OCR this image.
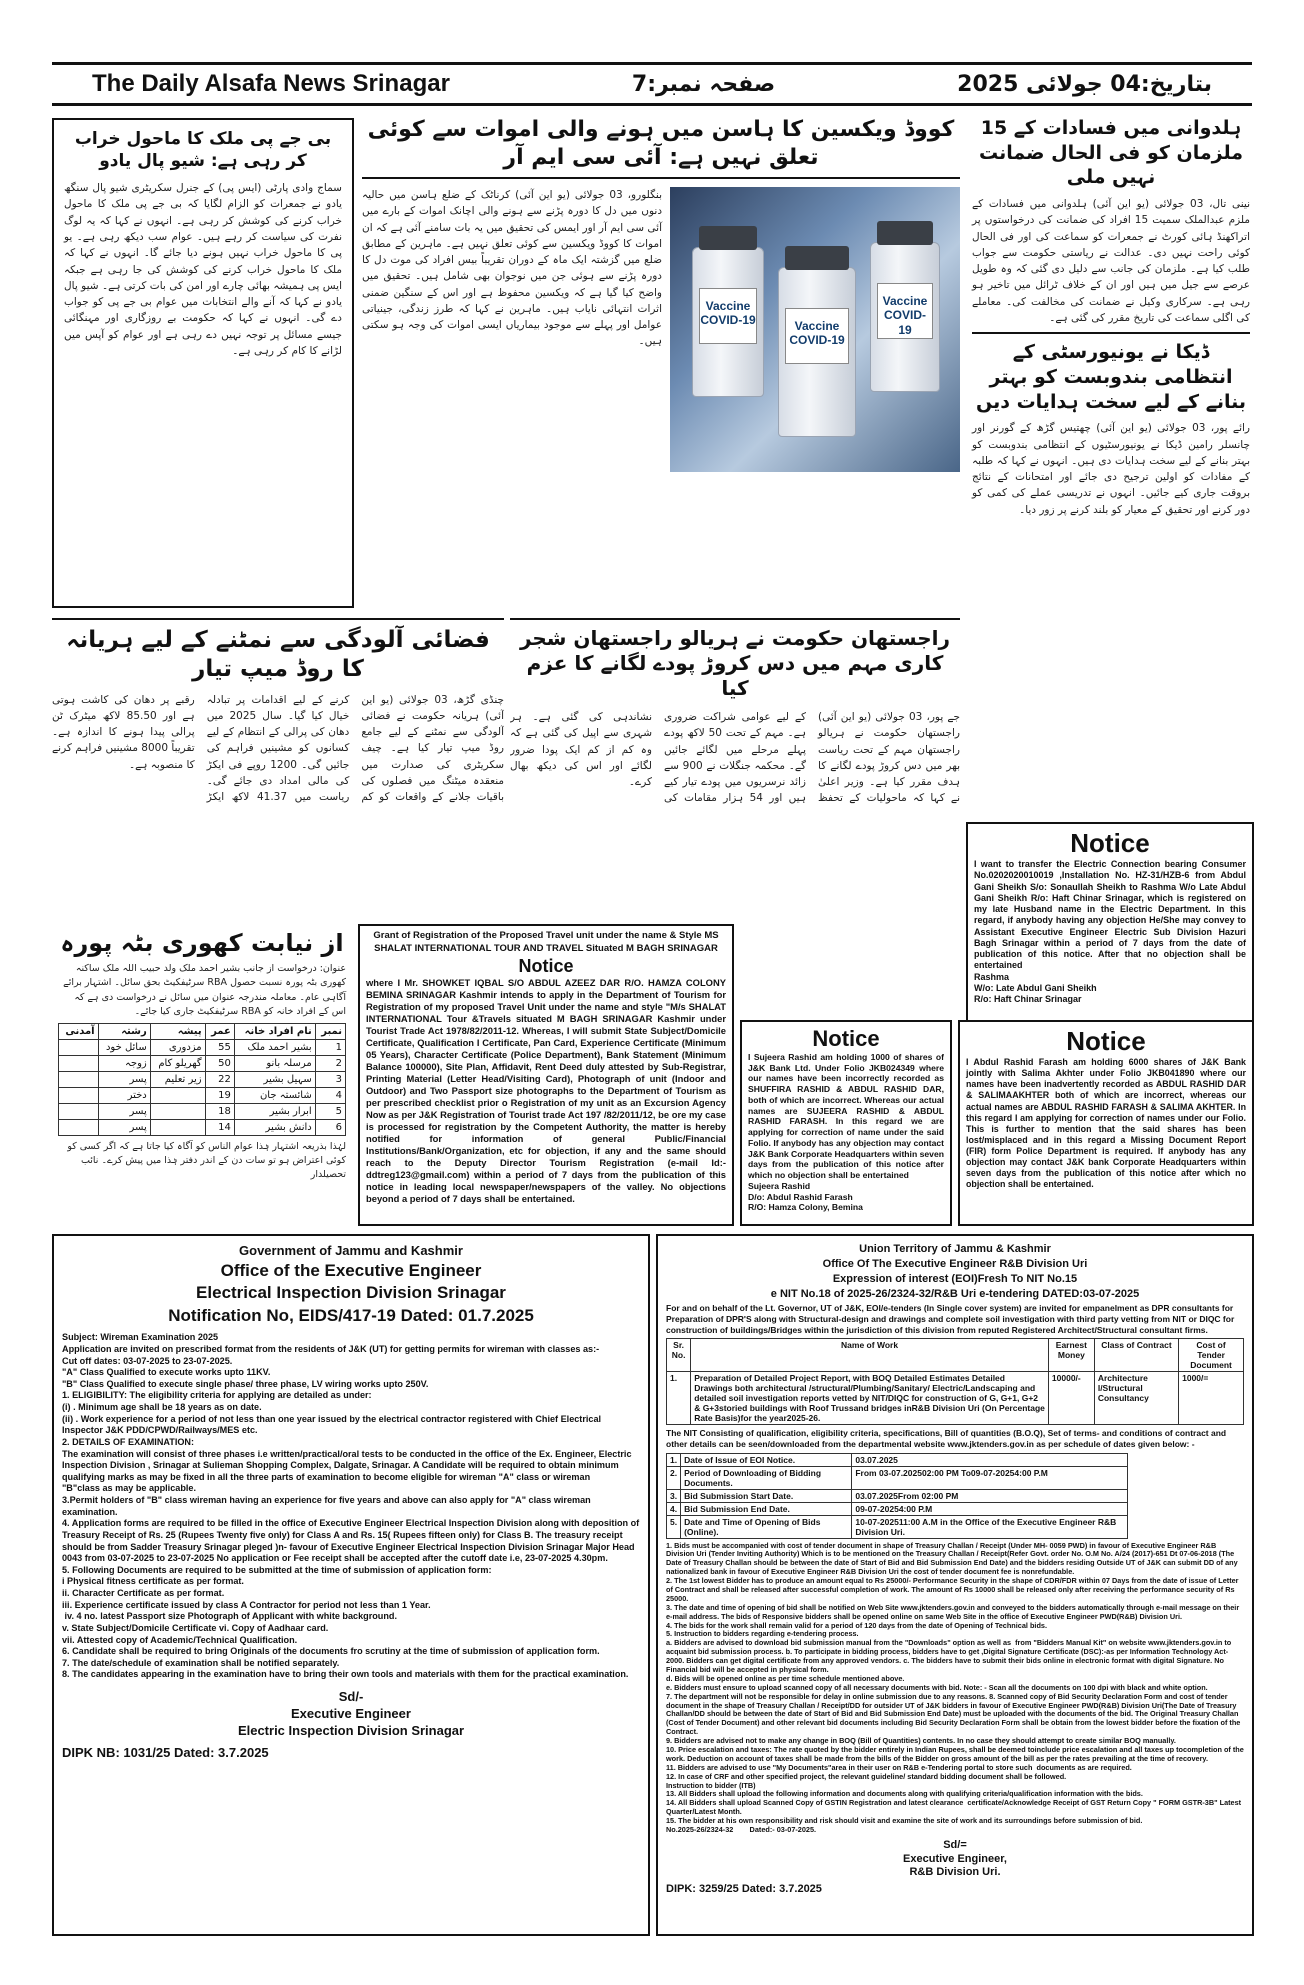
The Daily Alsafa News Srinagar	صفحہ نمبر:7	بتاریخ:04 جولائی 2025
بی جے پی ملک کا ماحول خراب کر رہی ہے: شیو پال یادو
سماج وادی پارٹی (ایس پی) کے جنرل سکریٹری شیو پال سنگھ یادو نے جمعرات کو الزام لگایا کہ بی جے پی ملک کا ماحول خراب کرنے کی کوشش کر رہی ہے۔ انہوں نے کہا کہ یہ لوگ نفرت کی سیاست کر رہے ہیں۔ عوام سب دیکھ رہی ہے۔ یو پی کا ماحول خراب نہیں ہونے دیا جائے گا۔ انہوں نے کہا کہ ملک کا ماحول خراب کرنے کی کوشش کی جا رہی ہے جبکہ ایس پی ہمیشہ بھائی چارے اور امن کی بات کرتی ہے۔ شیو پال یادو نے کہا کہ آنے والے انتخابات میں عوام بی جے پی کو جواب دے گی۔ انہوں نے کہا کہ حکومت بے روزگاری اور مہنگائی جیسے مسائل پر توجہ نہیں دے رہی ہے اور عوام کو آپس میں لڑانے کا کام کر رہی ہے۔
کووڈ ویکسین کا ہاسن میں ہونے والی اموات سے کوئی تعلق نہیں ہے: آئی سی ایم آر
بنگلورو، 03 جولائی (یو این آئی) کرناٹک کے ضلع ہاسن میں حالیہ دنوں میں دل کا دورہ پڑنے سے ہونے والی اچانک اموات کے بارے میں آئی سی ایم آر اور ایمس کی تحقیق میں یہ بات سامنے آئی ہے کہ ان اموات کا کووڈ ویکسین سے کوئی تعلق نہیں ہے۔ ماہرین کے مطابق ضلع میں گزشتہ ایک ماہ کے دوران تقریباً بیس افراد کی موت دل کا دورہ پڑنے سے ہوئی جن میں نوجوان بھی شامل ہیں۔ تحقیق میں واضح کیا گیا ہے کہ ویکسین محفوظ ہے اور اس کے سنگین ضمنی اثرات انتہائی نایاب ہیں۔ ماہرین نے کہا کہ طرز زندگی، جینیاتی عوامل اور پہلے سے موجود بیماریاں ایسی اموات کی وجہ ہو سکتی ہیں۔
Vaccine COVID-19	Vaccine COVID-19
Vaccine COVID-19
ہلدوانی میں فسادات کے 15 ملزمان کو فی الحال ضمانت نہیں ملی
نینی تال، 03 جولائی (یو این آئی) ہلدوانی میں فسادات کے ملزم عبدالملک سمیت 15 افراد کی ضمانت کی درخواستوں پر اتراکھنڈ ہائی کورٹ نے جمعرات کو سماعت کی اور فی الحال کوئی راحت نہیں دی۔ عدالت نے ریاستی حکومت سے جواب طلب کیا ہے۔ ملزمان کی جانب سے دلیل دی گئی کہ وہ طویل عرصے سے جیل میں ہیں اور ان کے خلاف ٹرائل میں تاخیر ہو رہی ہے۔ سرکاری وکیل نے ضمانت کی مخالفت کی۔ معاملے کی اگلی سماعت کی تاریخ مقرر کی گئی ہے۔
ڈیکا نے یونیورسٹی کے انتظامی بندوبست کو بہتر بنانے کے لیے سخت ہدایات دیں
رائے پور، 03 جولائی (یو این آئی) چھتیس گڑھ کے گورنر اور چانسلر رامین ڈیکا نے یونیورسٹیوں کے انتظامی بندوبست کو بہتر بنانے کے لیے سخت ہدایات دی ہیں۔ انہوں نے کہا کہ طلبہ کے مفادات کو اولین ترجیح دی جائے اور امتحانات کے نتائج بروقت جاری کیے جائیں۔ انہوں نے تدریسی عملے کی کمی کو دور کرنے اور تحقیق کے معیار کو بلند کرنے پر زور دیا۔
فضائی آلودگی سے نمٹنے کے لیے ہریانہ کا روڈ میپ تیار
چنڈی گڑھ، 03 جولائی (یو این آئی) ہریانہ حکومت نے فضائی آلودگی سے نمٹنے کے لیے جامع روڈ میپ تیار کیا ہے۔ چیف سکریٹری کی صدارت میں منعقدہ میٹنگ میں فصلوں کی باقیات جلانے کے واقعات کو کم کرنے کے لیے اقدامات پر تبادلہ خیال کیا گیا۔ سال 2025 میں دھان کی پرالی کے انتظام کے لیے کسانوں کو مشینیں فراہم کی جائیں گی۔ 1200 روپے فی ایکڑ کی مالی امداد دی جائے گی۔ ریاست میں 41.37 لاکھ ایکڑ رقبے پر دھان کی کاشت ہوتی ہے اور 85.50 لاکھ میٹرک ٹن پرالی پیدا ہونے کا اندازہ ہے۔ تقریباً 8000 مشینیں فراہم کرنے کا منصوبہ ہے۔
راجستھان حکومت نے ہریالو راجستھان شجر کاری مہم میں دس کروڑ پودے لگانے کا عزم کیا
جے پور، 03 جولائی (یو این آئی) راجستھان حکومت نے ہریالو راجستھان مہم کے تحت ریاست بھر میں دس کروڑ پودے لگانے کا ہدف مقرر کیا ہے۔ وزیر اعلیٰ نے کہا کہ ماحولیات کے تحفظ کے لیے عوامی شراکت ضروری ہے۔ مہم کے تحت 50 لاکھ پودے پہلے مرحلے میں لگائے جائیں گے۔ محکمہ جنگلات نے 900 سے زائد نرسریوں میں پودے تیار کیے ہیں اور 54 ہزار مقامات کی نشاندہی کی گئی ہے۔ ہر شہری سے اپیل کی گئی ہے کہ وہ کم از کم ایک پودا ضرور لگائے اور اس کی دیکھ بھال کرے۔
از نیابت کھوری بٹہ پورہ
عنوان: درخواست از جانب بشیر احمد ملک ولد حبیب اللہ ملک ساکنہ کھوری بٹہ پورہ نسبت حصول RBA سرٹیفکیٹ بحق سائل۔ اشتہار برائے آگاہی عام۔ معاملہ مندرجہ عنوان میں سائل نے درخواست دی ہے کہ اس کے افراد خانہ کو RBA سرٹیفکیٹ جاری کیا جائے۔
نمبر	نام افراد خانہ	عمر	پیشہ	رشتہ	آمدنی
1	بشیر احمد ملک	55	مزدوری	سائل خود	
2	مرسلہ بانو	50	گھریلو کام	زوجہ	
3	سہیل بشیر	22	زیر تعلیم	پسر	
4	شائستہ جان	19		دختر	
5	ابرار بشیر	18		پسر	
6	دانش بشیر	14		پسر	
لہٰذا بذریعہ اشتہار ہٰذا عوام الناس کو آگاہ کیا جاتا ہے کہ اگر کسی کو کوئی اعتراض ہو تو سات دن کے اندر دفتر ہٰذا میں پیش کرے۔ نائب تحصیلدار
Grant of Registration of the Proposed Travel unit under the name & Style MS SHALAT INTERNATIONAL TOUR AND TRAVEL Situated M BAGH SRINAGAR
Notice
where I Mr. SHOWKET IQBAL S/O ABDUL AZEEZ DAR R/O. HAMZA COLONY BEMINA SRINAGAR Kashmir intends to apply in the Department of Tourism for Registration of my proposed Travel Unit under the name and style "M/s SHALAT INTERNATIONAL Tour &Travels situated M BAGH SRINAGAR Kashmir under Tourist Trade Act 1978/82/2011-12. Whereas, I will submit State Subject/Domicile Certificate, Qualification I Certificate, Pan Card, Experience Certificate (Minimum 05 Years), Character Certificate (Police Department), Bank Statement (Minimum Balance 100000), Site Plan, Affidavit, Rent Deed duly attested by Sub-Registrar, Printing Material (Letter Head/Visiting Card), Photograph of unit (Indoor and Outdoor) and Two Passport size photographs to the Department of Tourism as per prescribed checklist prior o Registration of my unit as an Excursion Agency Now as per J&K Registration of Tourist trade Act 197 /82/2011/12, be ore my case is processed for registration by the Competent Authority, the matter is hereby notified for information of general Public/Financial Institutions/Bank/Organization, etc for objection, if any and the same should reach to the Deputy Director Tourism Registration (e-mail Id:-ddtreg123@gmail.com) within a period of 7 days from the publication of this notice in leading local newspaper/newspapers of the valley. No objections beyond a period of 7 days shall be entertained.
Notice
I Sujeera Rashid am holding 1000 of shares of J&K Bank Ltd. Under Folio JKB024349 where our names have been incorrectly recorded as SHUFFIRA RASHID & ABDUL RASHID DAR, both of which are incorrect. Whereas our actual names are SUJEERA RASHID & ABDUL RASHID FARASH. In this regard we are applying for correction of name under the said Folio. If anybody has any objection may contact J&K Bank Corporate Headquarters within seven days from the publication of this notice after which no objection shall be entertained
Sujeera Rashid
D/o: Abdul Rashid Farash
R/O: Hamza Colony, Bemina
Notice
I want to transfer the Electric Connection bearing Consumer No.0202020010019 ,Installation No. HZ-31/HZB-6 from Abdul Gani Sheikh S/o: Sonaullah Sheikh to Rashma W/o Late Abdul Gani Sheikh R/o: Haft Chinar Srinagar, which is registered on my late Husband name in the Electric Department. In this regard, if anybody having any objection He/She may convey to Assistant Executive Engineer Electric Sub Division Hazuri Bagh Srinagar within a period of 7 days from the date of publication of this notice. After that no objection shall be entertained
Rashma
W/o: Late Abdul Gani Sheikh
R/o: Haft Chinar Srinagar
Notice
I Abdul Rashid Farash am holding 6000 shares of J&K Bank jointly with Salima Akhter under Folio JKB041890 where our names have been inadvertently recorded as ABDUL RASHID DAR & SALIMAAKHTER both of which are incorrect, whereas our actual names are ABDUL RASHID FARASH & SALIMA AKHTER. In this regard I am applying for correction of names under our Folio. This is further to mention that the said shares has been lost/misplaced and in this regard a Missing Document Report (FIR) form Police Department is required. If anybody has any objection may contact J&K bank Corporate Headquarters within seven days from the publication of this notice after which no objection shall be entertained.
Government of Jammu and Kashmir
Office of the Executive Engineer
Electrical Inspection Division Srinagar
Notification No, EIDS/417-19 Dated: 01.7.2025
Subject: Wireman Examination 2025
Application are invited on prescribed format from the residents of J&K (UT) for getting permits for wireman with classes as:-
Cut off dates: 03-07-2025 to 23-07-2025.
"A" Class Qualified to execute works upto 11KV.
"B" Class Qualified to execute single phase/ three phase, LV wiring works upto 250V.
1. ELIGIBILITY: The eligibility criteria for applying are detailed as under:
(i) . Minimum age shall be 18 years as on date.
(ii) . Work experience for a period of not less than one year issued by the electrical contractor registered with Chief Electrical Inspector J&K PDD/CPWD/Railways/MES etc.
2. DETAILS OF EXAMINATION:
The examination will consist of three phases i.e written/practical/oral tests to be conducted in the office of the Ex. Engineer, Electric Inspection Division , Srinagar at Sulieman Shopping Complex, Dalgate, Srinagar. A Candidate will be required to obtain minimum qualifying marks as may be fixed in all the three parts of examination to become eligible for wireman "A" class or wireman
"B"class as may be applicable.
3.Permit holders of "B" class wireman having an experience for five years and above can also apply for "A" class wireman examination.
4. Application forms are required to be filled in the office of Executive Engineer Electrical Inspection Division along with deposition of Treasury Receipt of Rs. 25 (Rupees Twenty five only) for Class A and Rs. 15( Rupees fifteen only) for Class B. The treasury receipt should be from Sadder Treasury Srinagar pleged )n- favour of Executive Engineer Electrical Inspection Division Srinagar Major Head 0043 from 03-07-2025 to 23-07-2025 No application or Fee receipt shall be accepted after the cutoff date i.e, 23-07-2025 4.30pm.
5. Following Documents are required to be submitted at the time of submission of application form:
i Physical fitness certificate as per format.
ii. Character Certificate as per format.
iii. Experience certificate issued by class A Contractor for period not less than 1 Year.
iv. 4 no. latest Passport size Photograph of Applicant with white background.
v. State Subject/Domicile Certificate vi. Copy of Aadhaar card.
vii. Attested copy of Academic/Technical Qualification.
6. Candidate shall be required to bring Originals of the documents fro scrutiny at the time of submission of application form.
7. The date/schedule of examination shall be notified separately.
8. The candidates appearing in the examination have to bring their own tools and materials with them for the practical examination.
Sd/-
Executive Engineer
Electric Inspection Division Srinagar
DIPK NB: 1031/25 Dated: 3.7.2025
Union Territory of Jammu & Kashmir
Office Of The Executive Engineer R&B Division Uri
Expression of interest (EOI)Fresh To NIT No.15
e NIT No.18 of 2025-26/2324-32/R&B Uri e-tendering DATED:03-07-2025
For and on behalf of the Lt. Governor, UT of J&K, EOI/e-tenders (In Single cover system) are invited for empanelment as DPR consultants for Preparation of DPR'S along with Structural-design and drawings and complete soil investigation with third party vetting from NIT or DIQC for construction of buildings/Bridges within the jurisdiction of this division from reputed Registered Architect/Structural consultant firms.
Sr. No.	Name of Work	Earnest Money	Class of Contract	Cost of Tender Document
1.	Preparation of Detailed Project Report, with BOQ Detailed Estimates Detailed Drawings both architectural /structural/Plumbing/Sanitary/ Electric/Landscaping and detailed soil investigation reports vetted by NIT/DIQC for construction of G, G+1, G+2 & G+3storied buildings with Roof Trussand bridges inR&B Division Uri (On Percentage Rate Basis)for the year2025-26.	10000/-	Architecture l/Structural Consultancy	1000/=
The NIT Consisting of qualification, eligibility criteria, specifications, Bill of quantities (B.O.Q), Set of terms- and conditions of contract and other details can be seen/downloaded from the departmental website www.jktenders.gov.in as per schedule of dates given below: -
1.	Date of Issue of EOI Notice.	03.07.2025
2.	Period of Downloading of Bidding Documents.	From 03-07.202502:00 PM To09-07-20254:00 P.M
3.	Bid Submission Start Date.	03.07.2025From 02:00 PM
4.	Bid Submission End Date.	09-07-20254:00 P.M
5.	Date and Time of Opening of Bids (Online).	10-07-202511:00 A.M in the Office of the Executive Engineer R&B Division Uri.
1. Bids must be accompanied with cost of tender document in shape of Treasury Challan / Receipt (Under MH- 0059 PWD) in favour of Executive Engineer R&B Division Uri (Tender Inviting Authority) Which is to be mentioned on the Treasury Challan / Receipt(Refer Govt. order No. O.M No. A/24 (2017)-651 Dt 07-06-2018 (The Date of Treasury Challan should be between the date of Start of Bid and Bid Submission End Date) and the bidders residing Outside UT of J&K can submit DD of any nationalized bank in favour of Executive Engineer R&B Division Uri the cost of tender document fee is nonrefundable.
2. The 1st lowest Bidder has to produce an amount equal to Rs 25000/- Performance Security in the shape of CDR/FDR within 07 Days from the date of issue of Letter of Contract and shall be released after successful completion of work. The amount of Rs 10000 shall be released only after receiving the performance security of Rs 25000.
3. The date and time of opening of bid shall be notified on Web Site www.jktenders.gov.in and conveyed to the bidders automatically through e-mail message on their e-mail address. The bids of Responsive bidders shall be opened online on same Web Site in the office of Executive Engineer PWD(R&B) Division Uri.
4. The bids for the work shall remain valid for a period of 120 days from the date of Opening of Technical bids.
5. Instruction to bidders regarding e-tendering process.
a. Bidders are advised to download bid submission manual from the "Downloads" option as well as  from "Bidders Manual Kit" on website www.jktenders.gov.in to acquaint bid submission process. b. To participate in bidding process, bidders have to get ,Digital Signature Certificate (DSC):-as per Information Technology Act-2000. Bidders can get digital certificate from any approved vendors. c. The bidders have to submit their bids online in electronic format with digital Signature. No Financial bid will be accepted in physical form.
d. Bids will be opened online as per time schedule mentioned above.
e. Bidders must ensure to upload scanned copy of all necessary documents with bid. Note: - Scan all the documents on 100 dpi with black and white option.
7. The department will not be responsible for delay in online submission due to any reasons. 8. Scanned copy of Bid Security Declaration Form and cost of tender document in the shape of Treasury Challan / Receipt/DD for outsider UT of J&K bidders in favour of Executive Engineer PWD(R&B) Division Uri(The Date of Treasury Challan/DD should be between the date of Start of Bid and Bid Submission End Date) must be uploaded with the documents of the bid. The Original Treasury Challan (Cost of Tender Document) and other relevant bid documents including Bid Security Declaration Form shall be obtain from the lowest bidder before the fixation of the Contract.
9. Bidders are advised not to make any change in BOQ (Bill of Quantities) contents. In no case they should attempt to create similar BOQ manually.
10. Price escalation and taxes: The rate quoted by the bidder entirely in Indian Rupees, shall be deemed toinclude price escalation and all taxes up tocompletion of the work. Deduction on account of taxes shall be made from the bills of the Bidder on gross amount of the bill as per the rates prevailing at the time of recovery.
11. Bidders are advised to use "My Documents"area in their user on R&B e-Tendering portal to store such  documents as are required.
12. In case of CRF and other specified project, the relevant guideline/ standard bidding document shall be followed.
Instruction to bidder (ITB)
13. All Bidders shall upload the following information and documents along with qualifying criteria/qualification information with the bids.
14. All Bidders shall upload Scanned Copy of GSTIN Registration and latest clearance  certificate/Acknowledge Receipt of GST Return Copy " FORM GSTR-3B" Latest Quarter/Latest Month.
15. The bidder at his own responsibility and risk should visit and examine the site of work and its surroundings before submission of bid.
No.2025-26/2324-32        Dated:- 03-07-2025.
Sd/=
Executive Engineer,
R&B Division Uri.
DIPK: 3259/25 Dated: 3.7.2025
